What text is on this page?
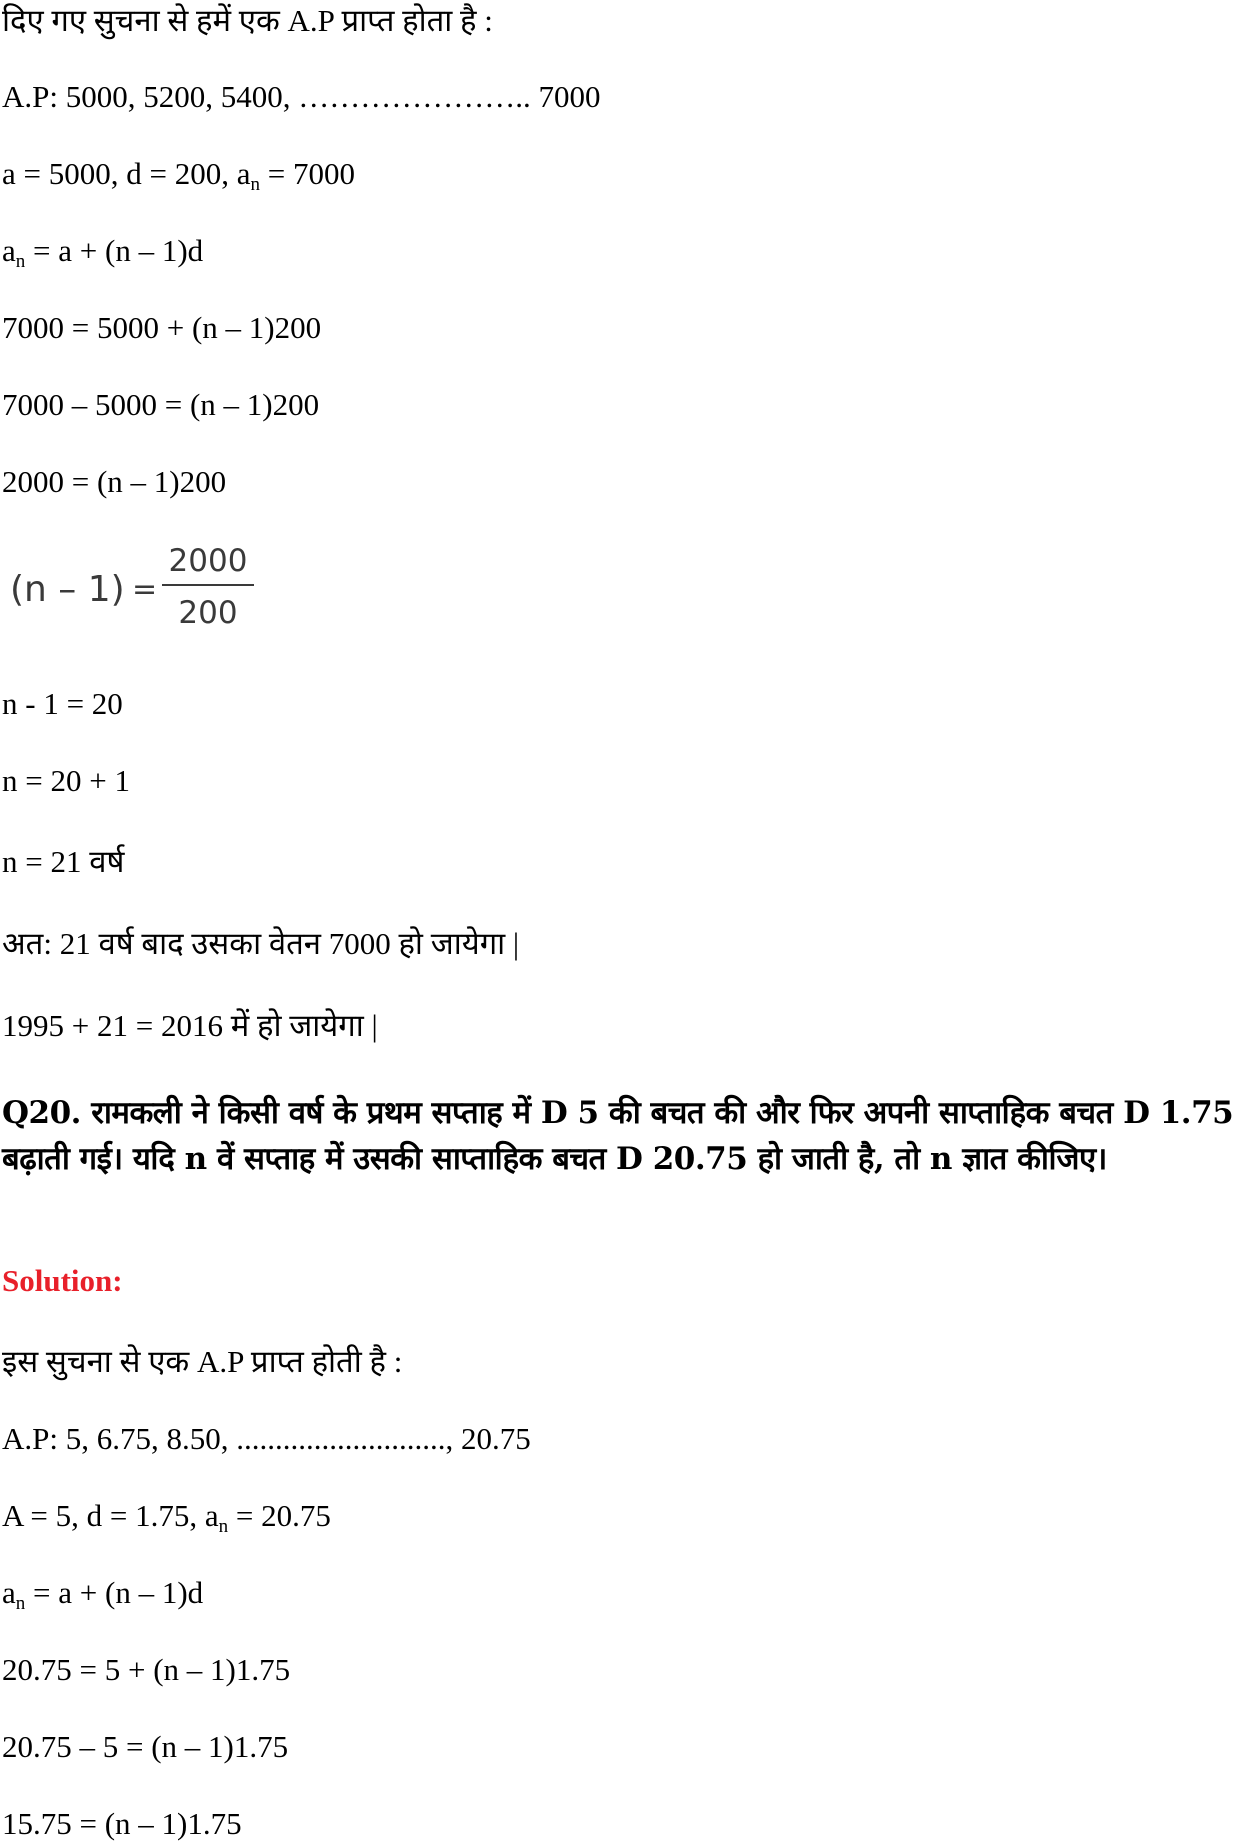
दिए गए सुचना से हमें एक A.P प्राप्त होता है :

A.P: 5000, 5200, 5400, ………………….. 7000

a = 5000, d = 200, $a_n = 7000$

$a_n = a + (n - 1)d$

7000 = 5000 + (n – 1)200

7000 – 5000 = (n – 1)200

2000 = (n – 1)200

(n – 1) =
2000
200

n - 1 = 20

n = 20 + 1

n = 21 वर्ष

अत: 21 वर्ष बाद उसका वेतन 7000 हो जायेगा |

1995 + 21 = 2016 में हो जायेगा |

Q20. रामकली ने किसी वर्ष के प्रथम सप्ताह में D 5 की बचत की और फिर अपनी साप्ताहिक बचत D 1.75 बढ़ाती गई। यदि n वें सप्ताह में उसकी साप्ताहिक बचत D 20.75 हो जाती है, तो n ज्ञात कीजिए।

Solution:

इस सुचना से एक A.P प्राप्त होती है :

A.P: 5, 6.75, 8.50, ..........................., 20.75

A = 5, d = 1.75, $a_n = 20.75$

$a_n = a + (n - 1)d$

20.75 = 5 + (n – 1)1.75

20.75 – 5 = (n – 1)1.75

15.75 = (n – 1)1.75
